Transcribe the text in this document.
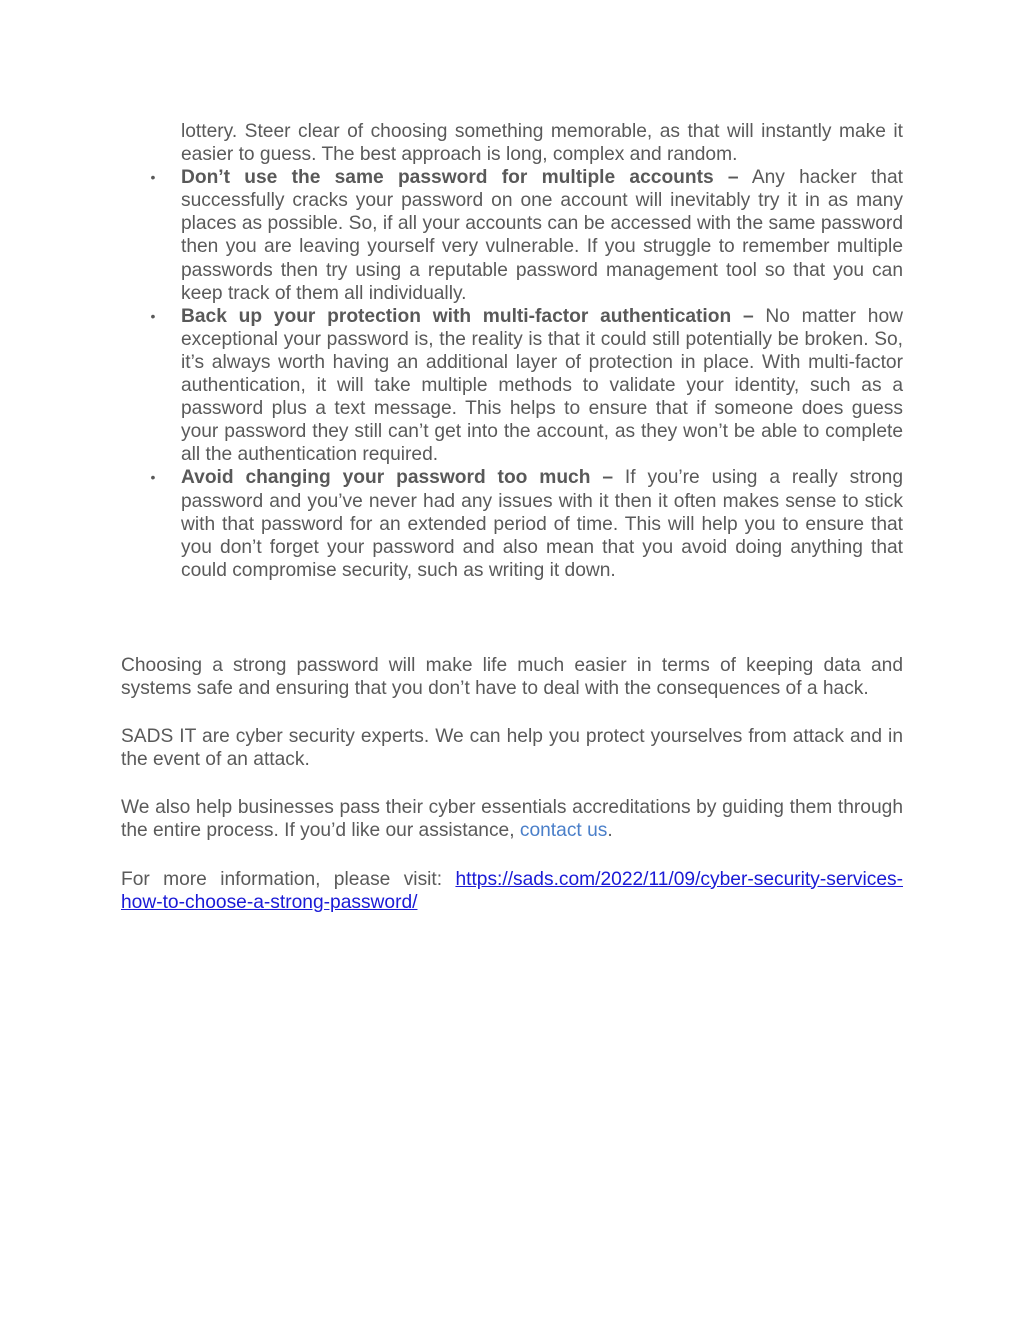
lottery. Steer clear of choosing something memorable, as that will instantly make it easier to guess. The best approach is long, complex and random.

• Don’t use the same password for multiple accounts – Any hacker that successfully cracks your password on one account will inevitably try it in as many places as possible. So, if all your accounts can be accessed with the same password then you are leaving yourself very vulnerable. If you struggle to remember multiple passwords then try using a reputable password management tool so that you can keep track of them all individually.
• Back up your protection with multi-factor authentication – No matter how exceptional your password is, the reality is that it could still potentially be broken. So, it’s always worth having an additional layer of protection in place. With multi-factor authentication, it will take multiple methods to validate your identity, such as a password plus a text message. This helps to ensure that if someone does guess your password they still can’t get into the account, as they won’t be able to complete all the authentication required.
• Avoid changing your password too much – If you’re using a really strong password and you’ve never had any issues with it then it often makes sense to stick with that password for an extended period of time. This will help you to ensure that you don’t forget your password and also mean that you avoid doing anything that could compromise security, such as writing it down.

Choosing a strong password will make life much easier in terms of keeping data and systems safe and ensuring that you don’t have to deal with the consequences of a hack.

SADS IT are cyber security experts. We can help you protect yourselves from attack and in the event of an attack.

We also help businesses pass their cyber essentials accreditations by guiding them through the entire process. If you’d like our assistance, contact us.

For more information, please visit: https://sads.com/2022/11/09/cyber-security-services-how-to-choose-a-strong-password/
